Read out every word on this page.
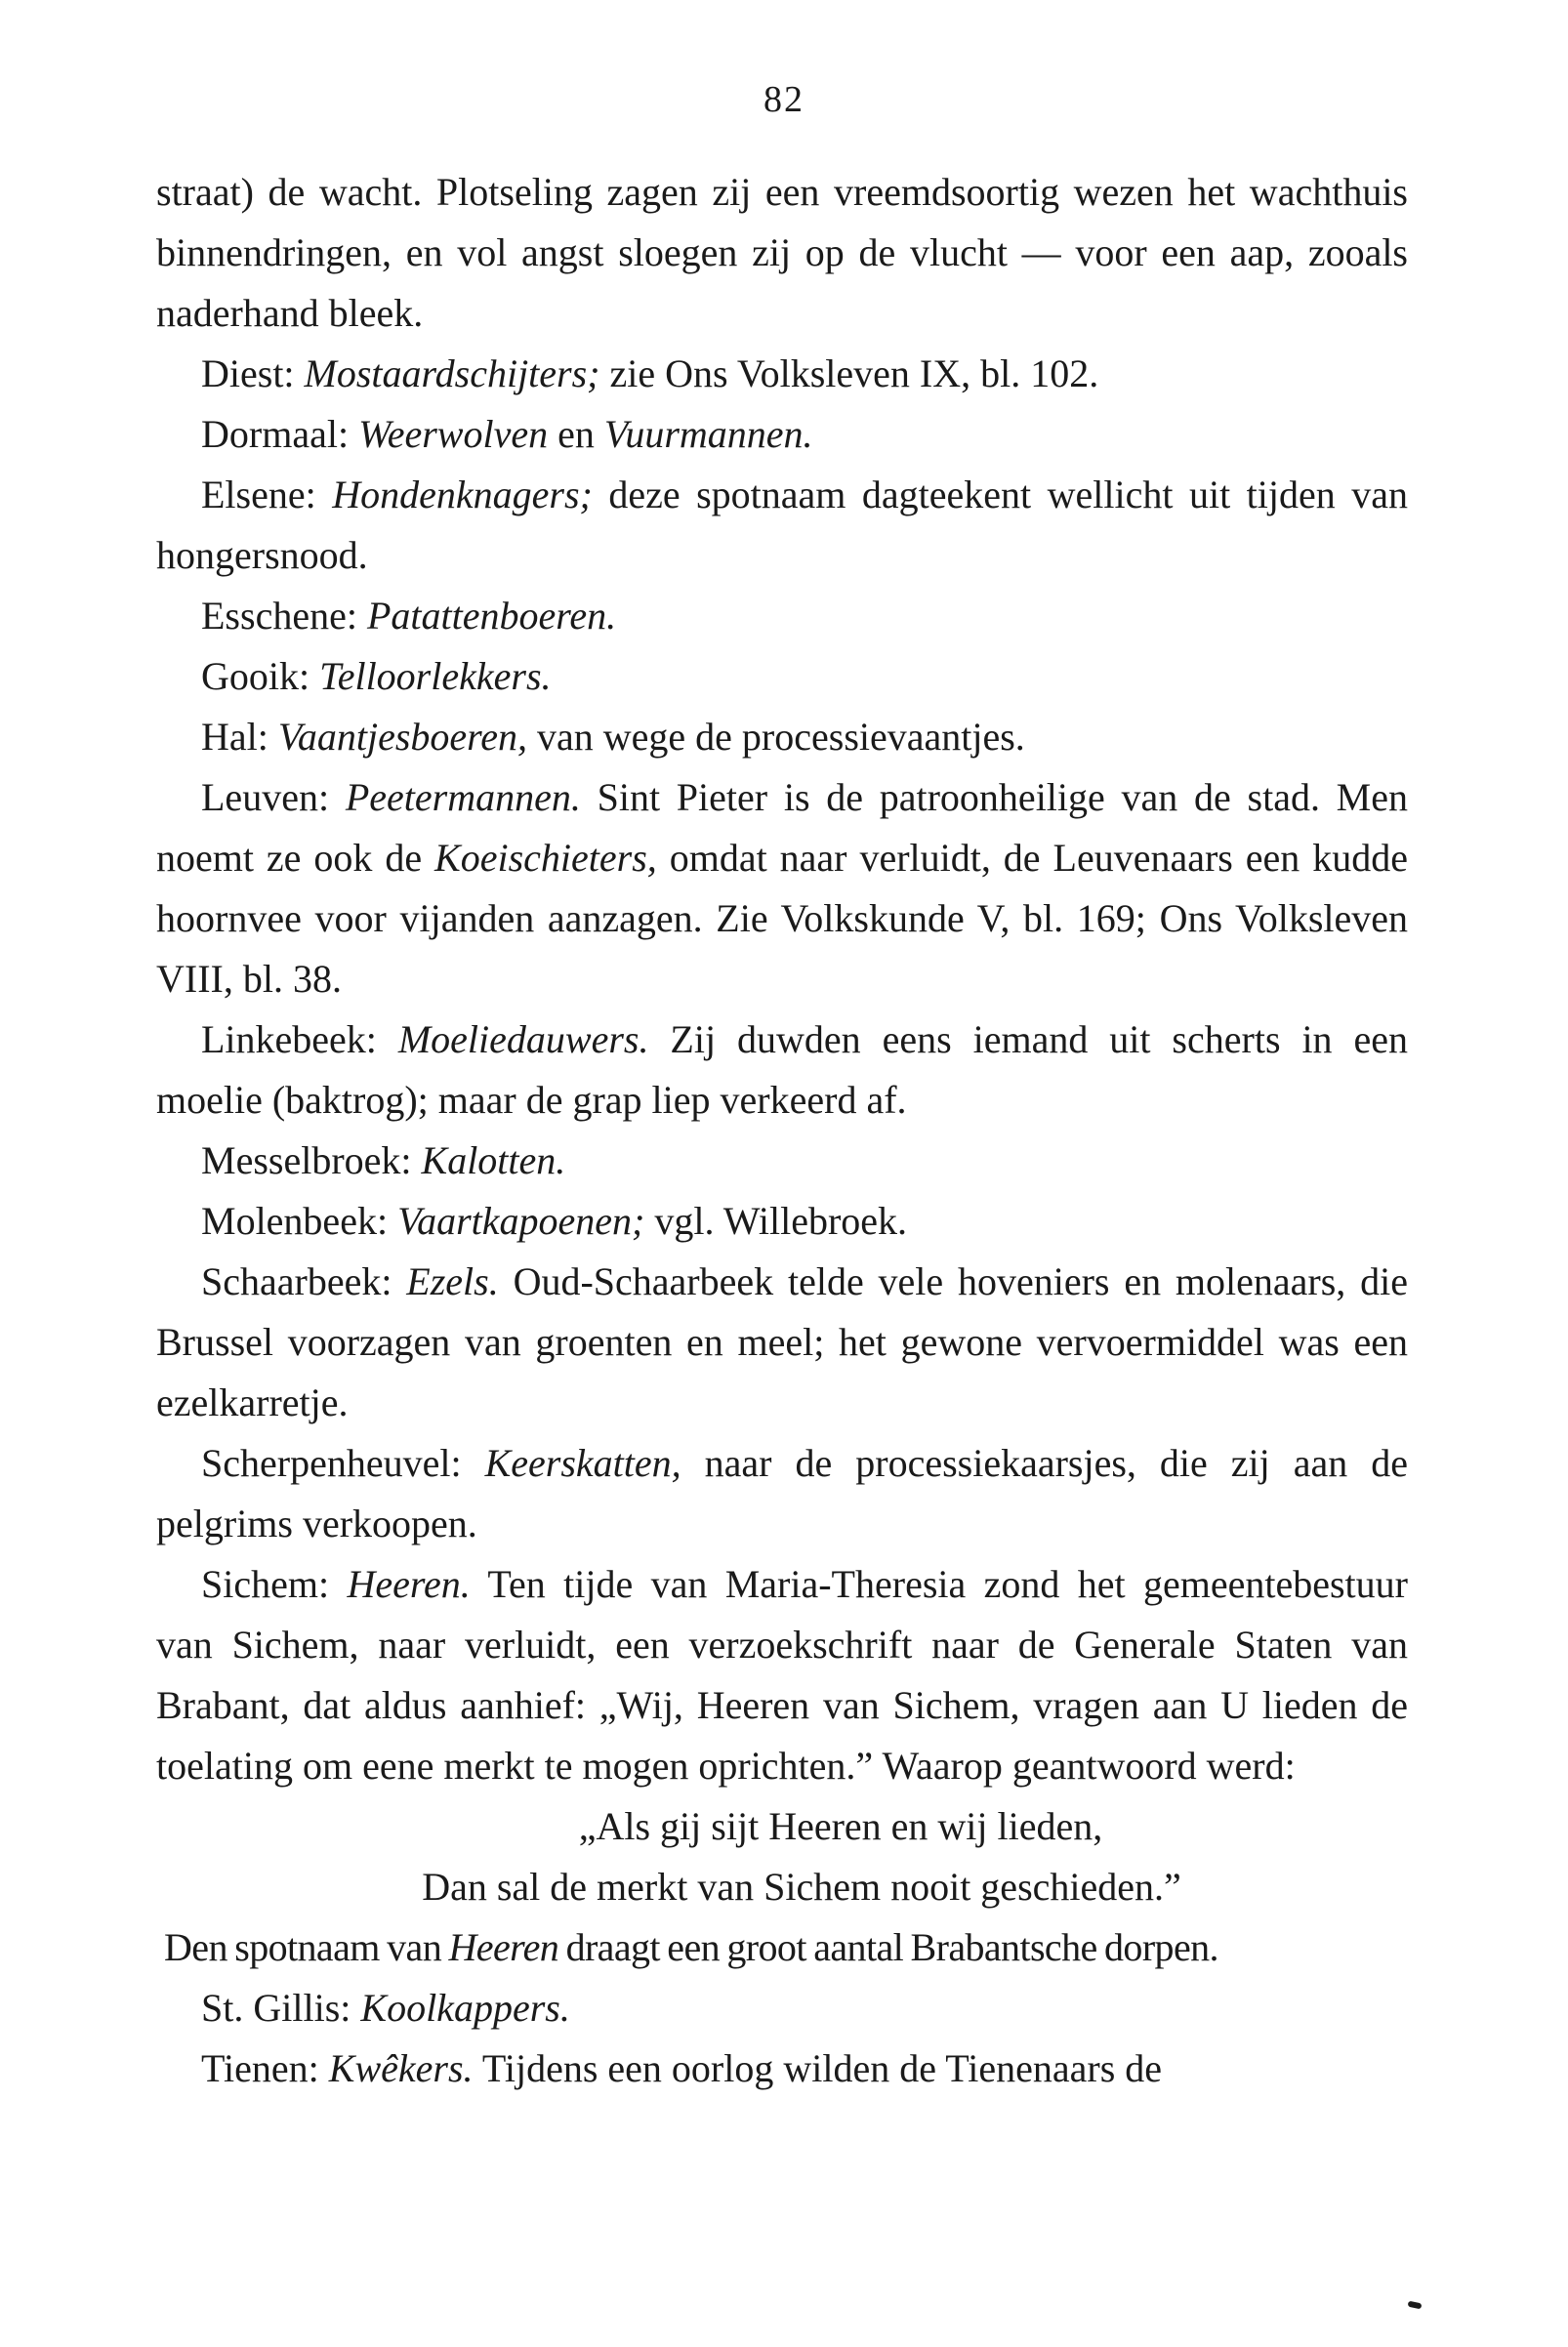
82

straat) de wacht. Plotseling zagen zij een vreemdsoortig wezen het wachthuis binnendringen, en vol angst sloegen zij op de vlucht — voor een aap, zooals naderhand bleek.

Diest: Mostaardschijters; zie Ons Volksleven IX, bl. 102.

Dormaal: Weerwolven en Vuurmannen.

Elsene: Hondenknagers; deze spotnaam dagteekent wellicht uit tijden van hongersnood.

Esschene: Patattenboeren.

Gooik: Telloorlekkers.

Hal: Vaantjesboeren, van wege de processievaantjes.

Leuven: Peetermannen. Sint Pieter is de patroonheilige van de stad. Men noemt ze ook de Koeischieters, omdat naar verluidt, de Leuvenaars een kudde hoornvee voor vijanden aanzagen. Zie Volkskunde V, bl. 169; Ons Volksleven VIII, bl. 38.

Linkebeek: Moeliedauwers. Zij duwden eens iemand uit scherts in een moelie (baktrog); maar de grap liep verkeerd af.

Messelbroek: Kalotten.

Molenbeek: Vaartkapoenen; vgl. Willebroek.

Schaarbeek: Ezels. Oud-Schaarbeek telde vele hoveniers en molenaars, die Brussel voorzagen van groenten en meel; het gewone vervoermiddel was een ezelkarretje.

Scherpenheuvel: Keerskatten, naar de processiekaarsjes, die zij aan de pelgrims verkoopen.

Sichem: Heeren. Ten tijde van Maria-Theresia zond het gemeentebestuur van Sichem, naar verluidt, een verzoekschrift naar de Generale Staten van Brabant, dat aldus aanhief: „Wij, Heeren van Sichem, vragen aan U lieden de toelating om eene merkt te mogen oprichten.” Waarop geantwoord werd:

„Als gij sijt Heeren en wij lieden,

Dan sal de merkt van Sichem nooit geschieden.”

Den spotnaam van Heeren draagt een groot aantal Brabantsche dorpen.

St. Gillis: Koolkappers.

Tienen: Kwêkers. Tijdens een oorlog wilden de Tienenaars de
